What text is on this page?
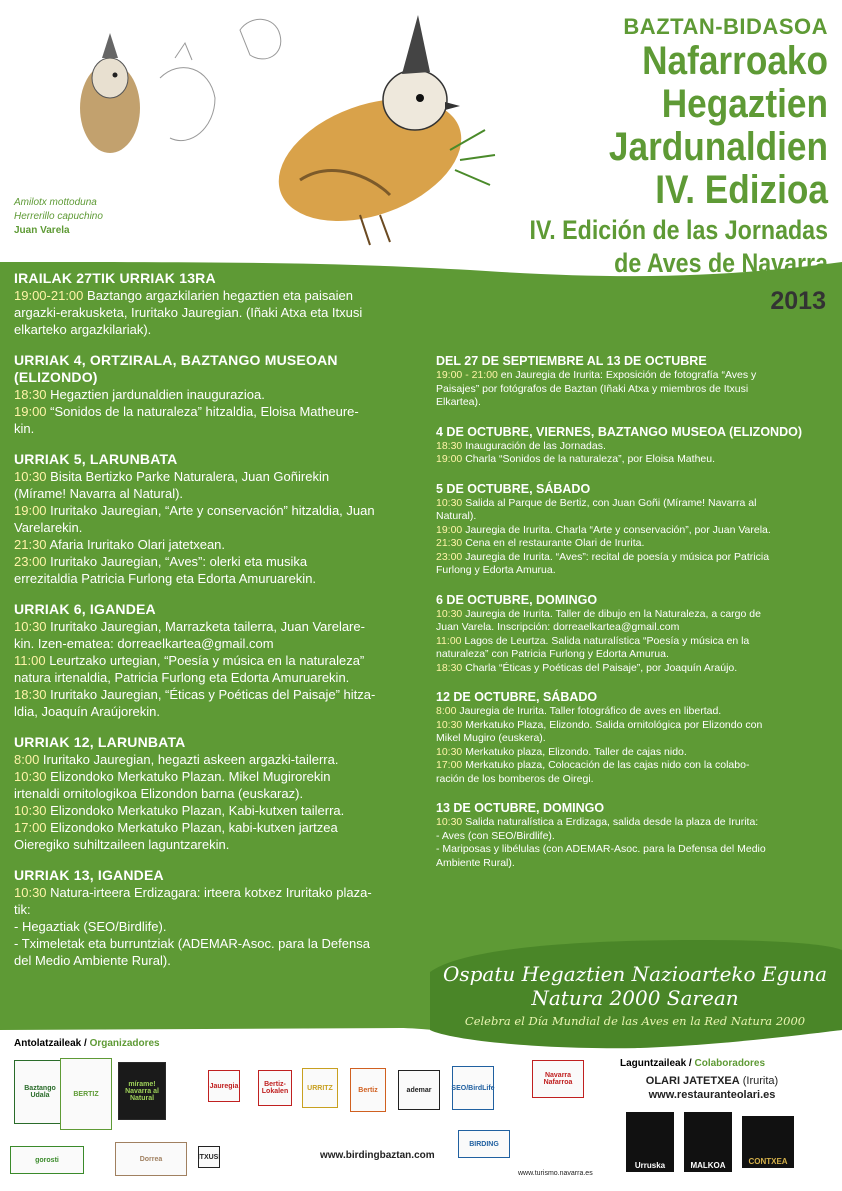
BAZTAN-BIDASOA
Nafarroako
Hegaztien
Jardunaldien
IV. Edizioa
IV. Edición de las Jornadas
de Aves de Navarra
2013
Amilotx mottoduna
Herrerillo capuchino
Juan Varela
IRAILAK 27TIK URRIAK 13RA
19:00-21:00 Baztango argazkilarien hegaztien eta paisaien
argazki-erakusketa, Iruritako Jauregian. (Iñaki Atxa eta Itxusi
elkarteko argazkilariak).
URRIAK 4, ORTZIRALA, BAZTANGO MUSEOAN (ELIZONDO)
18:30 Hegaztien jardunaldien inaugurazioa.
19:00 “Sonidos de la naturaleza” hitzaldia, Eloisa Matheure-
kin.
URRIAK 5, LARUNBATA
10:30 Bisita Bertizko Parke Naturalera, Juan Goñirekin
(Mírame! Navarra al Natural).
19:00 Iruritako Jauregian, “Arte y conservación” hitzaldia, Juan
Varelarekin.
21:30 Afaria Iruritako Olari jatetxean.
23:00 Iruritako Jauregian, “Aves”: olerki eta musika
errezitaldia Patricia Furlong eta Edorta Amuruarekin.
URRIAK 6, IGANDEA
10:30 Iruritako Jauregian, Marrazketa tailerra, Juan Varelare-
kin. Izen-ematea: dorreaelkartea@gmail.com
11:00 Leurtzako urtegian, “Poesía y música en la naturaleza”
natura irtenaldia, Patricia Furlong eta Edorta Amuruarekin.
18:30 Iruritako Jauregian, “Éticas y Poéticas del Paisaje” hitza-
ldia, Joaquín Araújorekin.
URRIAK 12, LARUNBATA
8:00 Iruritako Jauregian, hegazti askeen argazki-tailerra.
10:30 Elizondoko Merkatuko Plazan. Mikel Mugirorekin
irtenaldi ornitologikoa Elizondon barna (euskaraz).
10:30 Elizondoko Merkatuko Plazan, Kabi-kutxen tailerra.
17:00 Elizondoko Merkatuko Plazan, kabi-kutxen jartzea
Oieregiko suhiltzaileen laguntzarekin.
URRIAK 13, IGANDEA
10:30 Natura-irteera Erdizagara: irteera kotxez Iruritako plaza-
tik:
- Hegaztiak (SEO/Birdlife).
- Tximeletak eta burruntziak (ADEMAR-Asoc. para la Defensa
del Medio Ambiente Rural).
DEL 27 DE SEPTIEMBRE AL 13 DE OCTUBRE
19:00 - 21:00 en Jauregia de Irurita: Exposición de fotografía “Aves y
Paisajes” por fotógrafos de Baztan (Iñaki Atxa y miembros de Itxusi
Elkartea).
4 DE OCTUBRE, VIERNES, BAZTANGO MUSEOA (ELIZONDO)
18:30 Inauguración de las Jornadas.
19:00 Charla “Sonidos de la naturaleza”, por Eloisa Matheu.
5 DE OCTUBRE, SÁBADO
10:30 Salida al Parque de Bertiz, con Juan Goñi (Mírame! Navarra al
Natural).
19:00 Jauregia de Irurita. Charla “Arte y conservación”, por Juan Varela.
21:30 Cena en el restaurante Olari de Irurita.
23:00 Jauregia de Irurita. “Aves”: recital de poesía y música por Patricia
Furlong y Edorta Amurua.
6 DE OCTUBRE, DOMINGO
10:30 Jauregia de Irurita. Taller de dibujo en la Naturaleza, a cargo de
Juan Varela. Inscripción: dorreaelkartea@gmail.com
11:00 Lagos de Leurtza. Salida naturalística “Poesía y música en la
naturaleza” con Patricia Furlong y Edorta Amurua.
18:30 Charla “Éticas y Poéticas del Paisaje”, por Joaquín Araújo.
12 DE OCTUBRE, SÁBADO
8:00 Jauregia de Irurita. Taller fotográfico de aves en libertad.
10:30 Merkatuko Plaza, Elizondo. Salida ornitológica por Elizondo con
Mikel Mugiro (euskera).
10:30 Merkatuko plaza, Elizondo. Taller de cajas nido.
17:00 Merkatuko plaza, Colocación de las cajas nido con la colabo-
ración de los bomberos de Oiregi.
13 DE OCTUBRE, DOMINGO
10:30 Salida naturalística a Erdizaga, salida desde la plaza de Irurita:
- Aves (con SEO/Birdlife).
- Mariposas y libélulas (con ADEMAR-Asoc. para la Defensa del Medio
Ambiente Rural).
Ospatu Hegaztien Nazioarteko Eguna
Natura 2000 Sarean
Celebra el Día Mundial de las Aves en la Red Natura 2000
Antolatzaileak / Organizadores
Baztango Udala	BERTIZ
mírame! Navarra al Natural
Jauregia	Bertiz-Lokalen	URRITZ	Bertiz	ademar	SEO/BirdLife
Navarra Nafarroa
gorosti	Dorrea	ITXUSI
BIRDING
www.birdingbaztan.com
www.turismo.navarra.es
Laguntzaileak / Colaboradores
OLARI JATETXEA (Irurita)
www.restauranteolari.es
Urruska	MALKOA	CONTXEA
